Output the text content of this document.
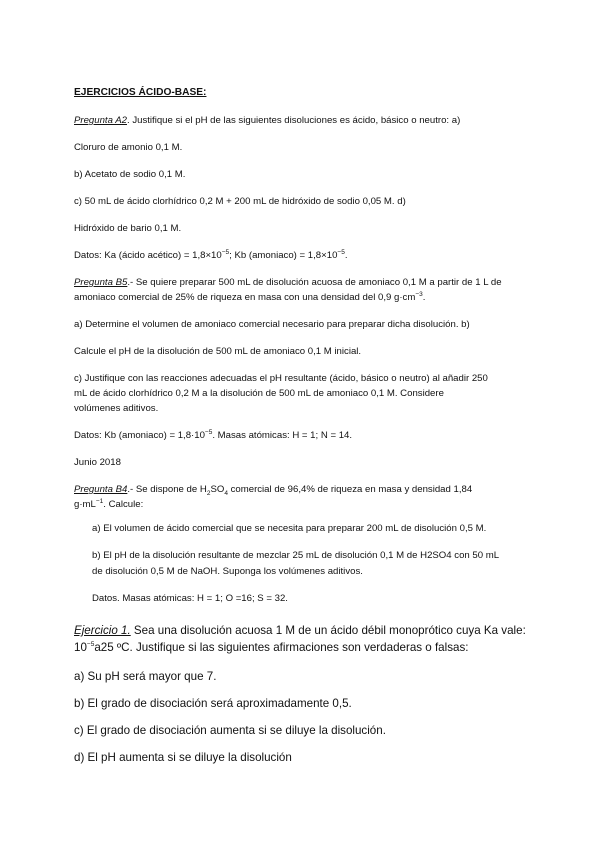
EJERCICIOS ÁCIDO-BASE:
Pregunta A2. Justifique si el pH de las siguientes disoluciones es ácido, básico o neutro: a)
Cloruro de amonio 0,1 M.
b) Acetato de sodio 0,1 M.
c) 50 mL de ácido clorhídrico 0,2 M + 200 mL de hidróxido de sodio 0,05 M. d)
Hidróxido de bario 0,1 M.
Datos: Ka (ácido acético) = $1,8\times 10^{-5}$; Kb (amoniaco) = $1,8\times 10^{-5}$.
Pregunta B5.- Se quiere preparar 500 mL de disolución acuosa de amoniaco 0,1 M a partir de 1 L de
amoniaco comercial de 25% de riqueza en masa con una densidad del 0,9 $g\cdot cm^{-3}$.
a) Determine el volumen de amoniaco comercial necesario para preparar dicha disolución. b)
Calcule el pH de la disolución de 500 mL de amoniaco 0,1 M inicial.
c) Justifique con las reacciones adecuadas el pH resultante (ácido, básico o neutro) al añadir 250
mL de ácido clorhídrico 0,2 M a la disolución de 500 mL de amoniaco 0,1 M. Considere
volúmenes aditivos.
Datos: Kb (amoniaco) = $1,8\cdot 10^{-5}$. Masas atómicas: H = 1; N = 14.
Junio 2018
Pregunta B4.- Se dispone de $H_2SO_4$ comercial de 96,4% de riqueza en masa y densidad 1,84
$g\cdot mL^{-1}$. Calcule:
a) El volumen de ácido comercial que se necesita para preparar 200 mL de disolución 0,5 M.
b) El pH de la disolución resultante de mezclar 25 mL de disolución 0,1 M de H2SO4 con 50 mL
de disolución 0,5 M de NaOH. Suponga los volúmenes aditivos.
Datos. Masas atómicas: H = 1; O =16; S = 32.
Ejercicio 1. Sea una disolución acuosa 1 M de un ácido débil monoprótico cuya Ka vale:
$10^{-5}a25$ ºC. Justifique si las siguientes afirmaciones son verdaderas o falsas:
a) Su pH será mayor que 7.
b) El grado de disociación será aproximadamente 0,5.
c) El grado de disociación aumenta si se diluye la disolución.
d) El pH aumenta si se diluye la disolución
